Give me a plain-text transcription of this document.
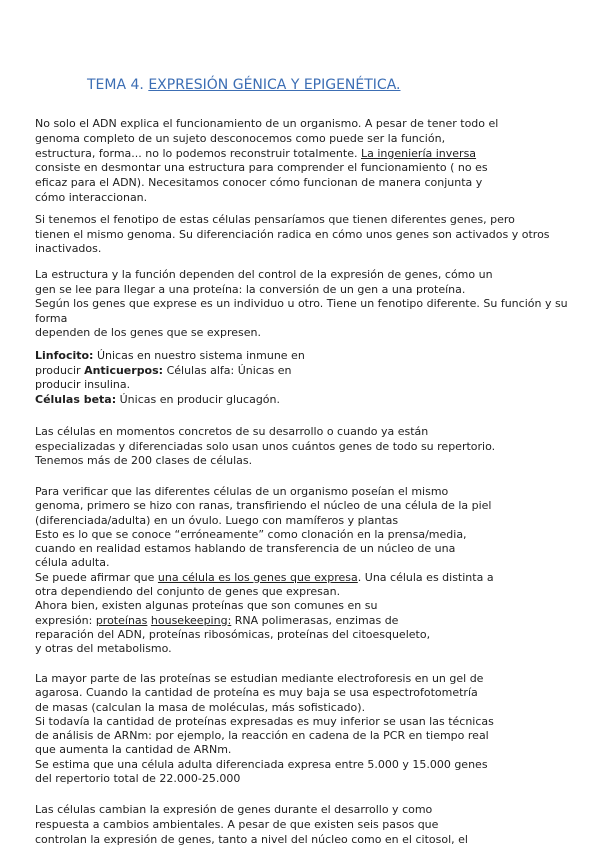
TEMA 4. EXPRESIÓN GÉNICA Y EPIGENÉTICA.
No solo el ADN explica el funcionamiento de un organismo. A pesar de tener todo el
genoma completo de un sujeto desconocemos como puede ser la función,
estructura, forma... no lo podemos reconstruir totalmente. La ingeniería inversa
consiste en desmontar una estructura para comprender el funcionamiento ( no es
eficaz para el ADN). Necesitamos conocer cómo funcionan de manera conjunta y
cómo interaccionan.
Si tenemos el fenotipo de estas células pensaríamos que tienen diferentes genes, pero
tienen el mismo genoma. Su diferenciación radica en cómo unos genes son activados y otros
inactivados.
La estructura y la función dependen del control de la expresión de genes, cómo un
gen se lee para llegar a una proteína: la conversión de un gen a una proteína.
Según los genes que exprese es un individuo u otro. Tiene un fenotipo diferente. Su función y su
forma
dependen de los genes que se expresen.
Linfocito: Únicas en nuestro sistema inmune en
producir Anticuerpos: Células alfa: Únicas en
producir insulina.
Células beta: Únicas en producir glucagón.
Las células en momentos concretos de su desarrollo o cuando ya están
especializadas y diferenciadas solo usan unos cuántos genes de todo su repertorio.
Tenemos más de 200 clases de células.
Para verificar que las diferentes células de un organismo poseían el mismo
genoma, primero se hizo con ranas, transfiriendo el núcleo de una célula de la piel
(diferenciada/adulta) en un óvulo. Luego con mamíferos y plantas
Esto es lo que se conoce “erróneamente” como clonación en la prensa/media,
cuando en realidad estamos hablando de transferencia de un núcleo de una
célula adulta.
Se puede afirmar que una célula es los genes que expresa. Una célula es distinta a
otra dependiendo del conjunto de genes que expresan.
Ahora bien, existen algunas proteínas que son comunes en su
expresión: proteínas housekeeping: RNA polimerasas, enzimas de
reparación del ADN, proteínas ribosómicas, proteínas del citoesqueleto,
y otras del metabolismo.
La mayor parte de las proteínas se estudian mediante electroforesis en un gel de
agarosa. Cuando la cantidad de proteína es muy baja se usa espectrofotometría
de masas (calculan la masa de moléculas, más sofisticado).
Si todavía la cantidad de proteínas expresadas es muy inferior se usan las técnicas
de análisis de ARNm: por ejemplo, la reacción en cadena de la PCR en tiempo real
que aumenta la cantidad de ARNm.
Se estima que una célula adulta diferenciada expresa entre 5.000 y 15.000 genes
del repertorio total de 22.000-25.000
Las células cambian la expresión de genes durante el desarrollo y como
respuesta a cambios ambientales. A pesar de que existen seis pasos que
controlan la expresión de genes, tanto a nivel del núcleo como en el citosol, el
